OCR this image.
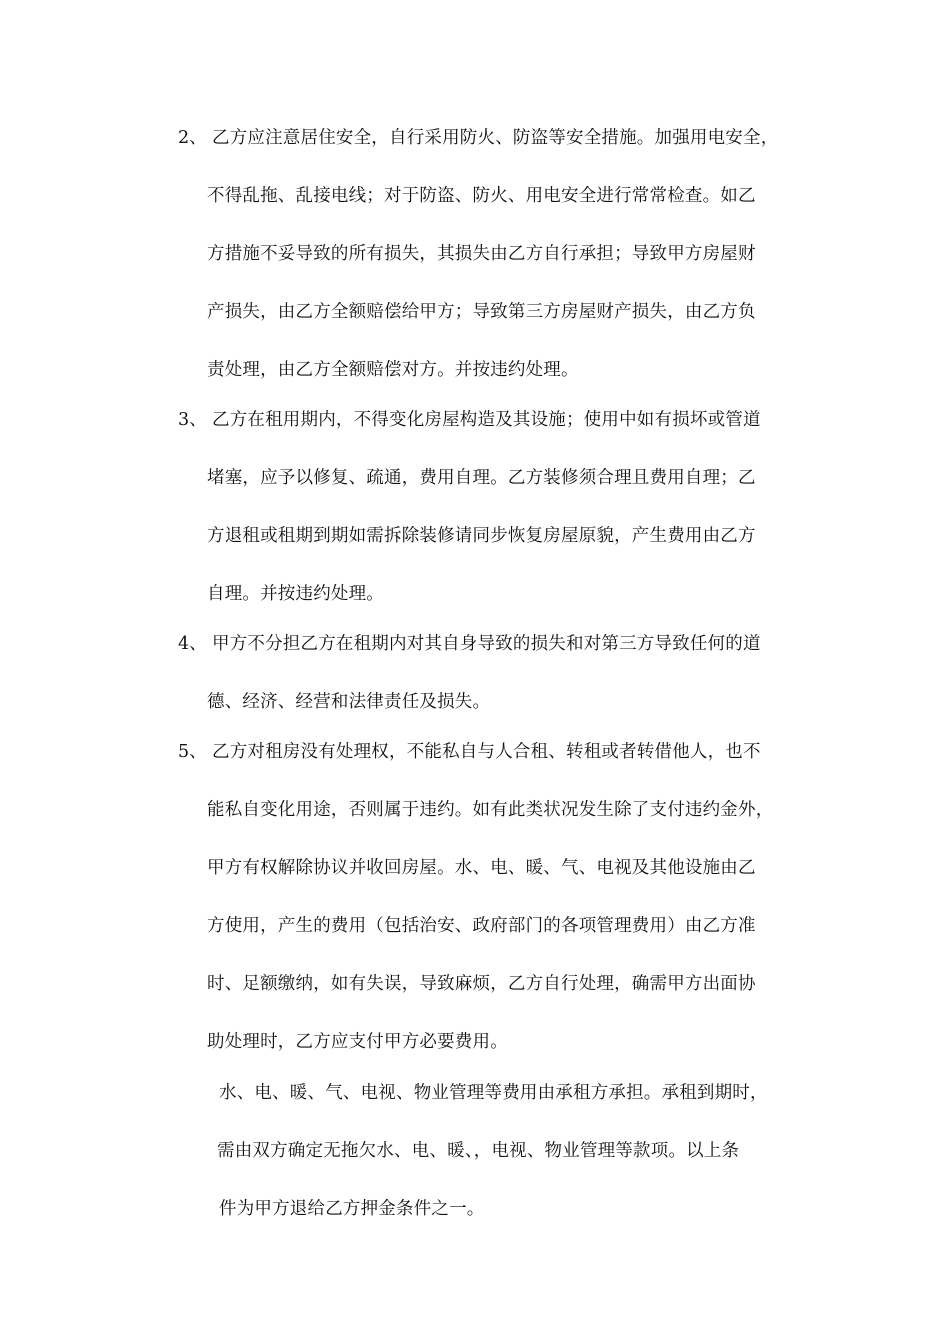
2、 乙方应注意居住安全，自行采用防火、防盗等安全措施。加强用电安全，
不得乱拖、乱接电线；对于防盗、防火、用电安全进行常常检查。如乙
方措施不妥导致的所有损失，其损失由乙方自行承担；导致甲方房屋财
产损失，由乙方全额赔偿给甲方；导致第三方房屋财产损失，由乙方负
责处理，由乙方全额赔偿对方。并按违约处理。
3、 乙方在租用期内，不得变化房屋构造及其设施；使用中如有损坏或管道
堵塞，应予以修复、疏通，费用自理。乙方装修须合理且费用自理；乙
方退租或租期到期如需拆除装修请同步恢复房屋原貌，产生费用由乙方
自理。并按违约处理。
4、 甲方不分担乙方在租期内对其自身导致的损失和对第三方导致任何的道
德、经济、经营和法律责任及损失。
5、 乙方对租房没有处理权，不能私自与人合租、转租或者转借他人，也不
能私自变化用途，否则属于违约。如有此类状况发生除了支付违约金外，
甲方有权解除协议并收回房屋。水、电、暖、气、电视及其他设施由乙
方使用，产生的费用（包括治安、政府部门的各项管理费用）由乙方准
时、足额缴纳，如有失误，导致麻烦，乙方自行处理，确需甲方出面协
助处理时，乙方应支付甲方必要费用。
水、电、暖、气、电视、物业管理等费用由承租方承担。承租到期时，
需由双方确定无拖欠水、电、暖、，电视、物业管理等款项。以上条
件为甲方退给乙方押金条件之一。
